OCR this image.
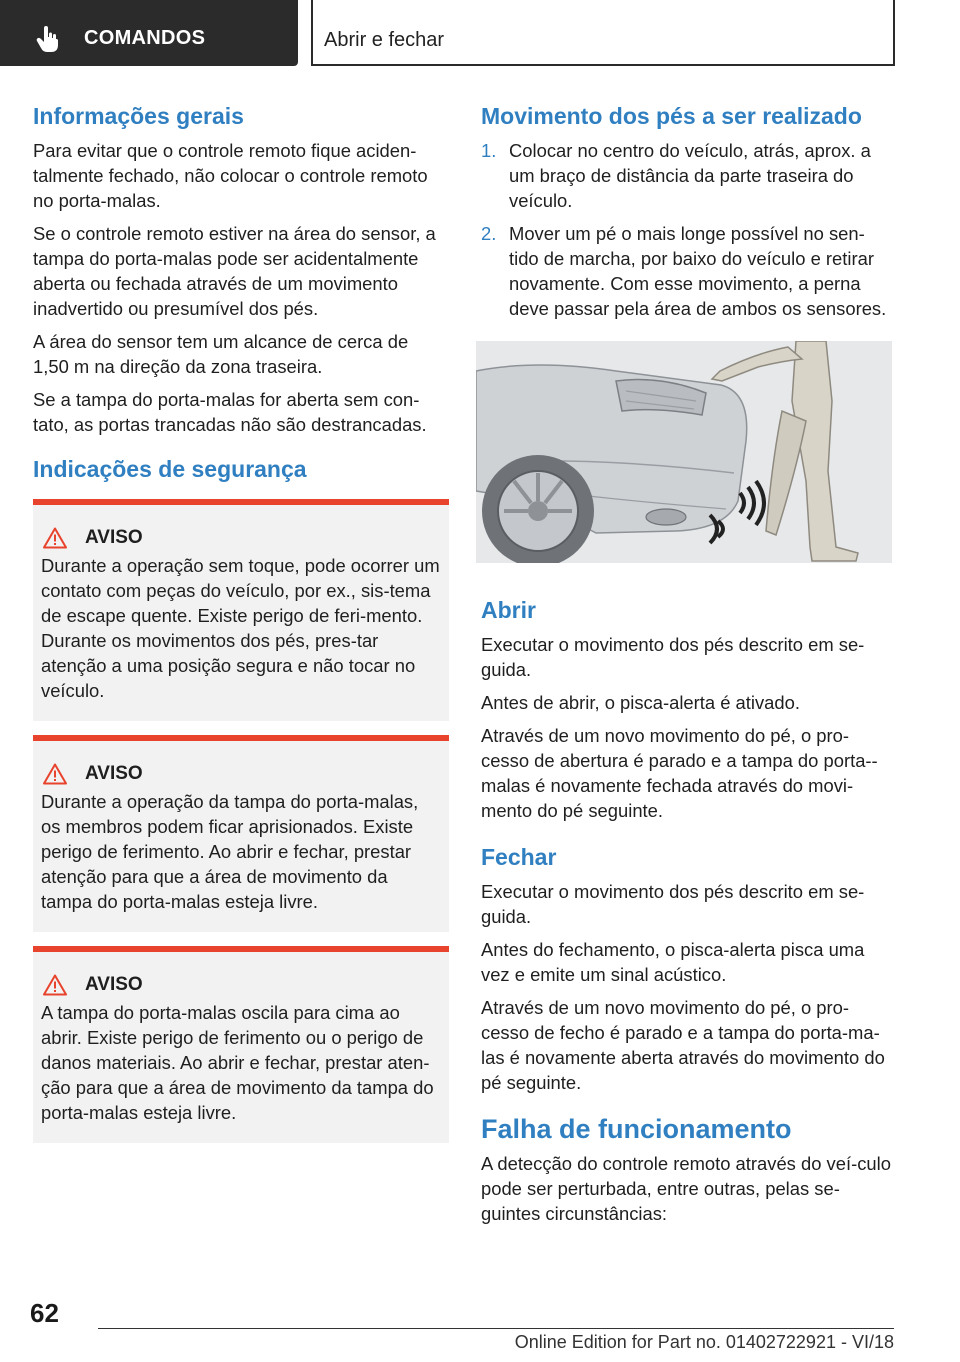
COMANDOS	Abrir e fechar
Informações gerais

Para evitar que o controle remoto fique aciden-talmente fechado, não colocar o controle remoto no porta-malas.

Se o controle remoto estiver na área do sensor, a tampa do porta-malas pode ser acidentalmente aberta ou fechada através de um movimento inadvertido ou presumível dos pés.

A área do sensor tem um alcance de cerca de 1,50 m na direção da zona traseira.

Se a tampa do porta-malas for aberta sem con-tato, as portas trancadas não são destrancadas.

Indicações de segurança
AVISO

Durante a operação sem toque, pode ocorrer um contato com peças do veículo, por ex., sis-tema de escape quente. Existe perigo de feri-mento. Durante os movimentos dos pés, pres-tar atenção a uma posição segura e não tocar no veículo.

AVISO

Durante a operação da tampa do porta-malas, os membros podem ficar aprisionados. Existe perigo de ferimento. Ao abrir e fechar, prestar atenção para que a área de movimento da tampa do porta-malas esteja livre.

AVISO

A tampa do porta-malas oscila para cima ao abrir. Existe perigo de ferimento ou o perigo de danos materiais. Ao abrir e fechar, prestar aten-ção para que a área de movimento da tampa do porta-malas esteja livre.

Movimento dos pés a ser realizado
1. Colocar no centro do veículo, atrás, aprox. a um braço de distância da parte traseira do veículo.
2. Mover um pé o mais longe possível no sen-tido de marcha, por baixo do veículo e retirar novamente. Com esse movimento, a perna deve passar pela área de ambos os sensores.
Abrir

Executar o movimento dos pés descrito em se-guida.

Antes de abrir, o pisca-alerta é ativado.

Através de um novo movimento do pé, o pro-cesso de abertura é parado e a tampa do porta--malas é novamente fechada através do movi-mento do pé seguinte.

Fechar

Executar o movimento dos pés descrito em se-guida.

Antes do fechamento, o pisca-alerta pisca uma vez e emite um sinal acústico.

Através de um novo movimento do pé, o pro-cesso de fecho é parado e a tampa do porta-ma-las é novamente aberta através do movimento do pé seguinte.

Falha de funcionamento

A detecção do controle remoto através do veí-culo pode ser perturbada, entre outras, pelas se-guintes circunstâncias:

62
Online Edition for Part no. 01402722921 - VI/18
